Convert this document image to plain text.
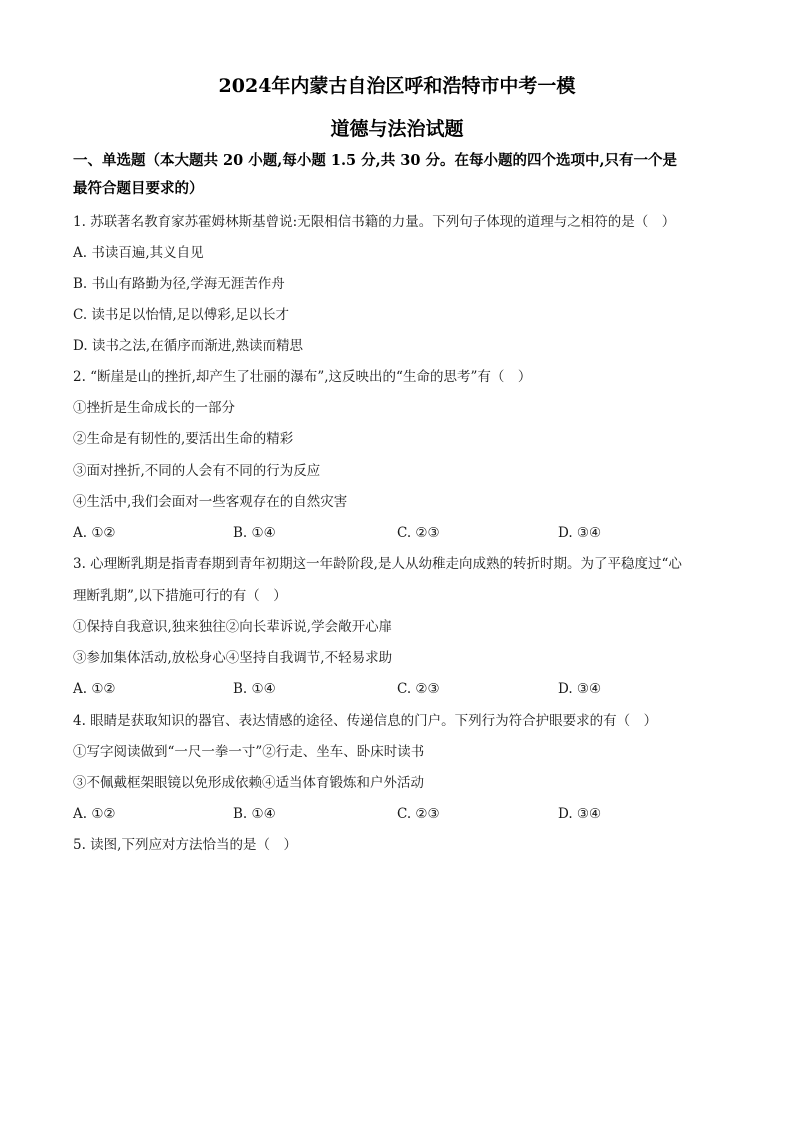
2024年内蒙古自治区呼和浩特市中考一模
道德与法治试题
一、单选题（本大题共 20 小题,每小题 1.5 分,共 30 分。在每小题的四个选项中,只有一个是
最符合题目要求的）
1. 苏联著名教育家苏霍姆林斯基曾说:无限相信书籍的力量。下列句子体现的道理与之相符的是（　）
A. 书读百遍,其义自见
B. 书山有路勤为径,学海无涯苦作舟
C. 读书足以怡情,足以傅彩,足以长才
D. 读书之法,在循序而渐进,熟读而精思
2. “断崖是山的挫折,却产生了壮丽的瀑布”,这反映出的“生命的思考”有（　）
①挫折是生命成长的一部分
②生命是有韧性的,要活出生命的精彩
③面对挫折,不同的人会有不同的行为反应
④生活中,我们会面对一些客观存在的自然灾害
A. ①②	B. ①④	C. ②③	D. ③④
3. 心理断乳期是指青春期到青年初期这一年龄阶段,是人从幼稚走向成熟的转折时期。为了平稳度过“心
理断乳期”,以下措施可行的有（　）
①保持自我意识,独来独往②向长辈诉说,学会敞开心扉
③参加集体活动,放松身心④坚持自我调节,不轻易求助
A. ①②	B. ①④	C. ②③	D. ③④
4. 眼睛是获取知识的器官、表达情感的途径、传递信息的门户。下列行为符合护眼要求的有（　）
①写字阅读做到“一尺一拳一寸”②行走、坐车、卧床时读书
③不佩戴框架眼镜以免形成依赖④适当体育锻炼和户外活动
A. ①②	B. ①④	C. ②③	D. ③④
5. 读图,下列应对方法恰当的是（　）
